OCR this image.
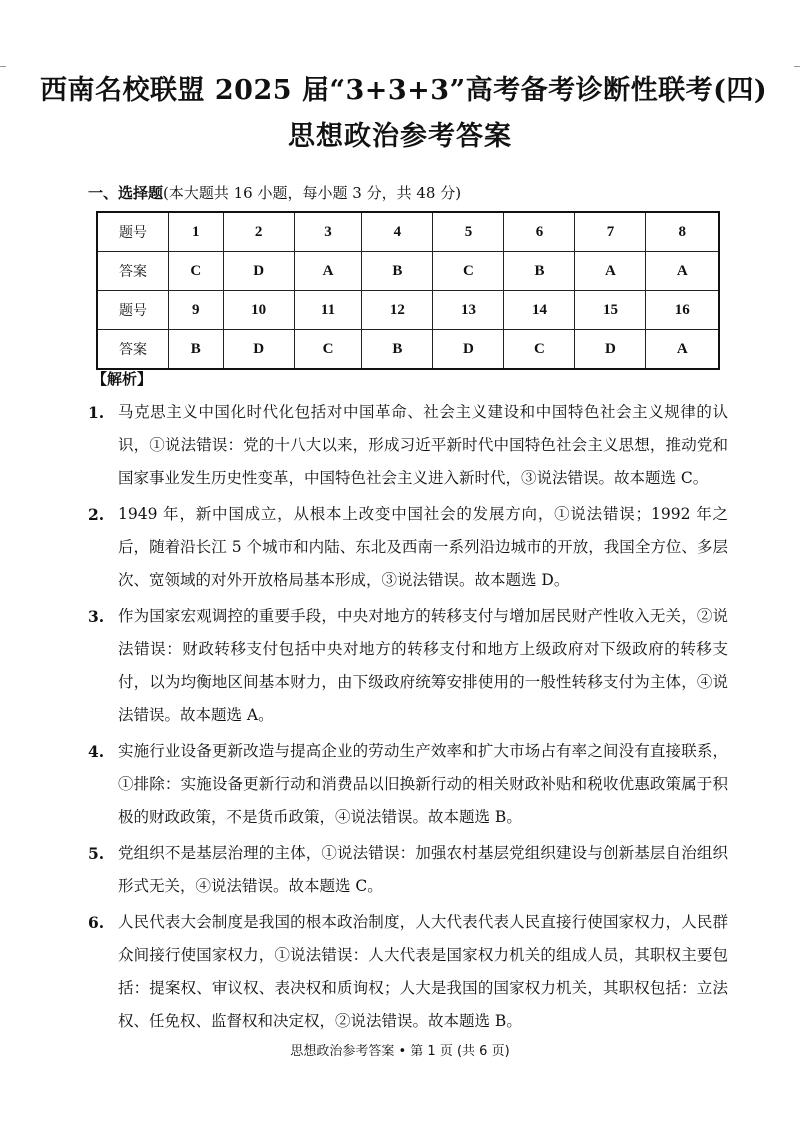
西南名校联盟 2025 届“3+3+3”高考备考诊断性联考(四)
思想政治参考答案
一、选择题(本大题共 16 小题，每小题 3 分，共 48 分)
题号	1	2	3	4	5	6	7	8
答案	C	D	A	B	C	B	A	A
题号	9	10	11	12	13	14	15	16
答案	B	D	C	B	D	C	D	A
【解析】
1. 马克思主义中国化时代化包括对中国革命、社会主义建设和中国特色社会主义规律的认识，①说法错误：党的十八大以来，形成习近平新时代中国特色社会主义思想，推动党和国家事业发生历史性变革，中国特色社会主义进入新时代，③说法错误。故本题选 C。
2. 1949 年，新中国成立，从根本上改变中国社会的发展方向，①说法错误；1992 年之后，随着沿长江 5 个城市和内陆、东北及西南一系列沿边城市的开放，我国全方位、多层次、宽领域的对外开放格局基本形成，③说法错误。故本题选 D。
3. 作为国家宏观调控的重要手段，中央对地方的转移支付与增加居民财产性收入无关，②说法错误：财政转移支付包括中央对地方的转移支付和地方上级政府对下级政府的转移支付，以为均衡地区间基本财力，由下级政府统筹安排使用的一般性转移支付为主体，④说法错误。故本题选 A。
4. 实施行业设备更新改造与提高企业的劳动生产效率和扩大市场占有率之间没有直接联系，①排除：实施设备更新行动和消费品以旧换新行动的相关财政补贴和税收优惠政策属于积极的财政政策，不是货币政策，④说法错误。故本题选 B。
5. 党组织不是基层治理的主体，①说法错误：加强农村基层党组织建设与创新基层自治组织形式无关，④说法错误。故本题选 C。
6. 人民代表大会制度是我国的根本政治制度，人大代表代表人民直接行使国家权力，人民群众间接行使国家权力，①说法错误：人大代表是国家权力机关的组成人员，其职权主要包括：提案权、审议权、表决权和质询权；人大是我国的国家权力机关，其职权包括：立法权、任免权、监督权和决定权，②说法错误。故本题选 B。
思想政治参考答案 • 第 1 页 (共 6 页)
